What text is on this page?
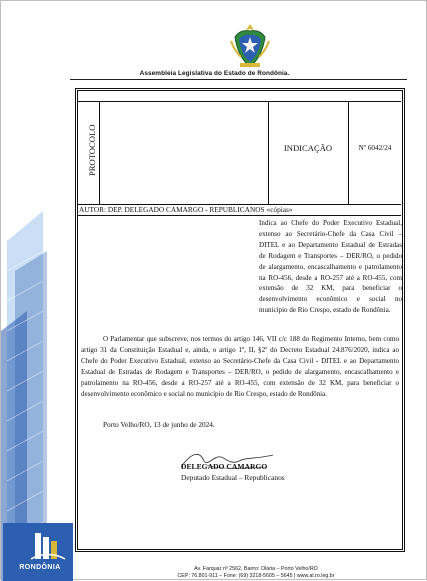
Assembleia Legislativa do Estado de Rondônia.
RONDÔNIA
PROTOCOLO	INDICAÇÃO	Nº 6042/24
AUTOR: DEP. DELEGADO CAMARGO - REPUBLICANOS «cópias»
Indica ao Chefe do Poder Executivo Estadual, extenso ao Secretário-Chefe da Casa Civil – DITEL e ao Departamento Estadual de Estradas de Rodagem e Transportes – DER/RO, o pedido de alargamento, encascalhamento e patrolamento na RO-456, desde a RO-257 até a RO-455, com extensão de 32 KM, para beneficiar o desenvolvimento econômico e social no município de Rio Crespo, estado de Rondônia.
O Parlamentar que subscreve, nos termos do artigo 146, VII c/c 188 do Regimento Interno, bem como artigo 31 da Constituição Estadual e, ainda, o artigo 1º, II, §2º do Decreto Estadual 24.876/2020, indica ao Chefe do Poder Executivo Estadual, extenso ao Secretário-Chefe da Casa Civil - DITEL e ao Departamento Estadual de Estradas de Rodagem e Transportes – DER/RO, o pedido de alargamento, encascalhamento e patrolamento na RO-456, desde a RO-257 até a RO-455, com extensão de 32 KM, para beneficiar o desenvolvimento econômico e social no município de Rio Crespo, estado de Rondônia.
Porto Velho/RO, 13 de junho de 2024.
DELEGADO CAMARGO
Deputado Estadual – Republicanos
Av. Farquar nº 2562, Bairro: Olaria – Porto Velho/RO
CEP: 76.801-911 – Fone: (69) 3218-5605 – 5645 | www.al.ro.leg.br
